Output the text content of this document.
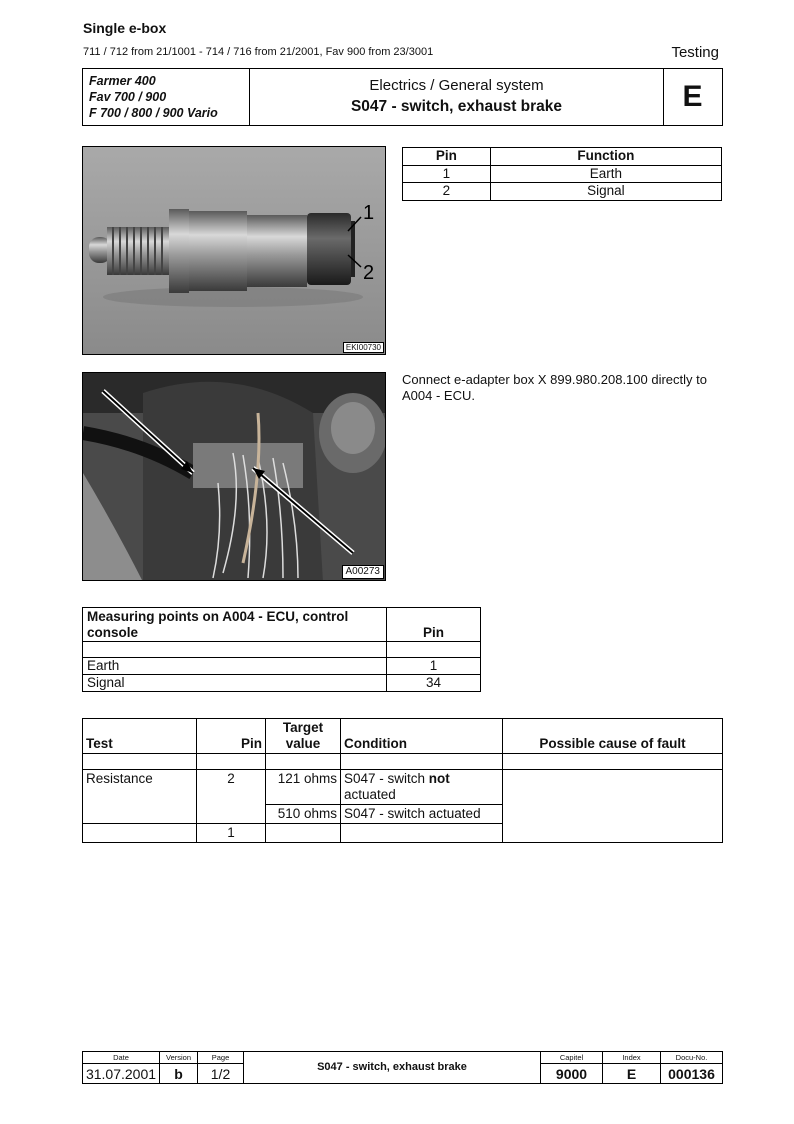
Single e-box
711 / 712 from 21/1001 - 714 / 716 from 21/2001, Fav 900 from 23/3001	Testing
Farmer 400
Fav 700 / 900
F 700 / 800 / 900 Vario
Electrics / General system
S047 - switch, exhaust brake	E
1
2
EKI00730
Pin	Function
1	Earth
2	Signal
A00273
Connect e-adapter box X 899.980.208.100 directly to A004 - ECU.
Measuring points on A004 - ECU, control console	Pin

Earth	1
Signal	34
Test	Pin	Target value	Condition	Possible cause of fault

Resistance	2	121 ohms	S047 - switch not
actuated	
		510 ohms	S047 - switch actuated	
	1			
Date
31.07.2001
Version
b
Page
1/2	S047 - switch, exhaust brake
Capitel
9000
Index
E
Docu-No.
000136
